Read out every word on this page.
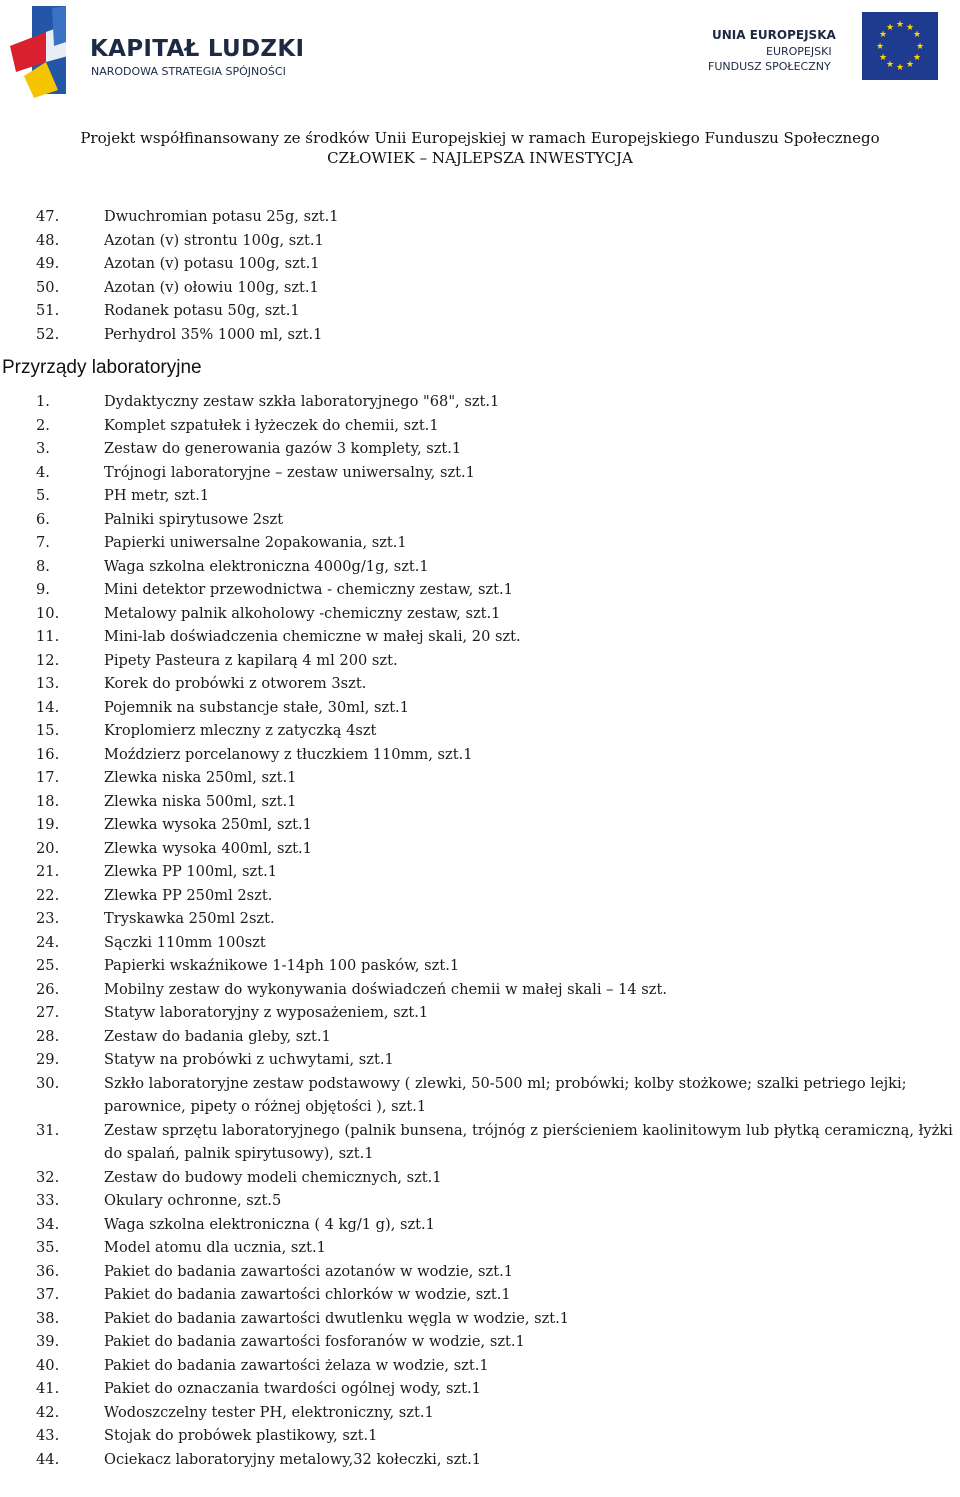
KAPITAŁ LUDZKI
NARODOWA STRATEGIA SPÓJNOŚCI
UNIA EUROPEJSKA
EUROPEJSKI
FUNDUSZ SPOŁECZNY
★ ★
★
★
★
★
★
★
★
★
★
★
Projekt współfinansowany ze środków Unii Europejskiej w ramach Europejskiego Funduszu Społecznego
CZŁOWIEK – NAJLEPSZA INWESTYCJA
47.	Dwuchromian potasu 25g, szt.1
48.	Azotan (v) strontu 100g, szt.1
49.	Azotan (v) potasu 100g, szt.1
50.	Azotan (v) ołowiu 100g, szt.1
51.	Rodanek potasu 50g, szt.1
52.	Perhydrol 35% 1000 ml, szt.1
Przyrządy laboratoryjne
1.	Dydaktyczny zestaw szkła laboratoryjnego "68", szt.1
2.	Komplet szpatułek i łyżeczek do chemii, szt.1
3.	Zestaw do generowania gazów 3 komplety, szt.1
4.	Trójnogi laboratoryjne – zestaw uniwersalny, szt.1
5.	PH metr, szt.1
6.	Palniki spirytusowe 2szt
7.	Papierki uniwersalne 2opakowania, szt.1
8.	Waga szkolna elektroniczna 4000g/1g, szt.1
9.	Mini detektor przewodnictwa - chemiczny zestaw, szt.1
10.	Metalowy palnik alkoholowy -chemiczny zestaw, szt.1
11.	Mini-lab doświadczenia chemiczne w małej skali, 20 szt.
12.	Pipety Pasteura z kapilarą 4 ml 200 szt.
13.	Korek do probówki z otworem 3szt.
14.	Pojemnik na substancje stałe, 30ml, szt.1
15.	Kroplomierz mleczny z zatyczką 4szt
16.	Moździerz porcelanowy z tłuczkiem 110mm, szt.1
17.	Zlewka niska 250ml, szt.1
18.	Zlewka niska 500ml, szt.1
19.	Zlewka wysoka 250ml, szt.1
20.	Zlewka wysoka 400ml, szt.1
21.	Zlewka PP 100ml, szt.1
22.	Zlewka PP 250ml 2szt.
23.	Tryskawka 250ml 2szt.
24.	Sączki 110mm 100szt
25.	Papierki wskaźnikowe 1-14ph 100 pasków, szt.1
26.	Mobilny zestaw do wykonywania doświadczeń chemii w małej skali – 14 szt.
27.	Statyw laboratoryjny z wyposażeniem, szt.1
28.	Zestaw do badania gleby, szt.1
29.	Statyw na probówki z uchwytami, szt.1
30.	Szkło laboratoryjne zestaw podstawowy ( zlewki, 50-500 ml; probówki; kolby stożkowe; szalki petriego lejki; parownice, pipety o różnej objętości ), szt.1
31.	Zestaw sprzętu laboratoryjnego (palnik bunsena, trójnóg z pierścieniem kaolinitowym lub płytką ceramiczną, łyżki do spalań, palnik spirytusowy), szt.1
32.	Zestaw do budowy modeli chemicznych, szt.1
33.	Okulary ochronne, szt.5
34.	Waga szkolna elektroniczna ( 4 kg/1 g), szt.1
35.	Model atomu dla ucznia, szt.1
36.	Pakiet do badania zawartości azotanów w wodzie, szt.1
37.	Pakiet do badania zawartości chlorków w wodzie, szt.1
38.	Pakiet do badania zawartości dwutlenku węgla w wodzie, szt.1
39.	Pakiet do badania zawartości fosforanów w wodzie, szt.1
40.	Pakiet do badania zawartości żelaza w wodzie, szt.1
41.	Pakiet do oznaczania twardości ogólnej wody, szt.1
42.	Wodoszczelny tester PH, elektroniczny, szt.1
43.	Stojak do probówek plastikowy, szt.1
44.	Ociekacz laboratoryjny metalowy,32 kołeczki, szt.1
